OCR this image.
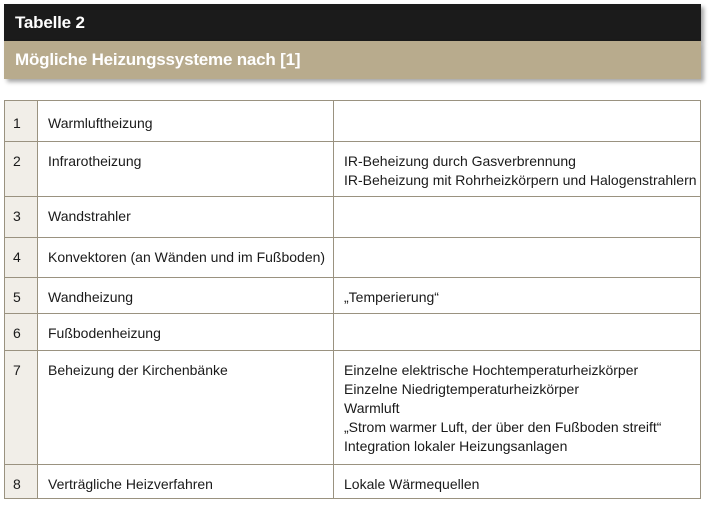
Tabelle 2
Mögliche Heizungssysteme nach [1]
1	Warmluftheizung	
2	Infrarotheizung	IR-Beheizung durch Gasverbrennung
IR-Beheizung mit Rohrheizkörpern und Halogenstrahlern

3	Wandstrahler	
4	Konvektoren (an Wänden und im Fußboden)	
5	Wandheizung	„Temperierung“

6	Fußbodenheizung	
7	Beheizung der Kirchenbänke	Einzelne elektrische Hochtemperaturheizkörper
Einzelne Niedrigtemperaturheizkörper
Warmluft
„Strom warmer Luft, der über den Fußboden streift“
Integration lokaler Heizungsanlagen

8	Verträgliche Heizverfahren	Lokale Wärmequellen
